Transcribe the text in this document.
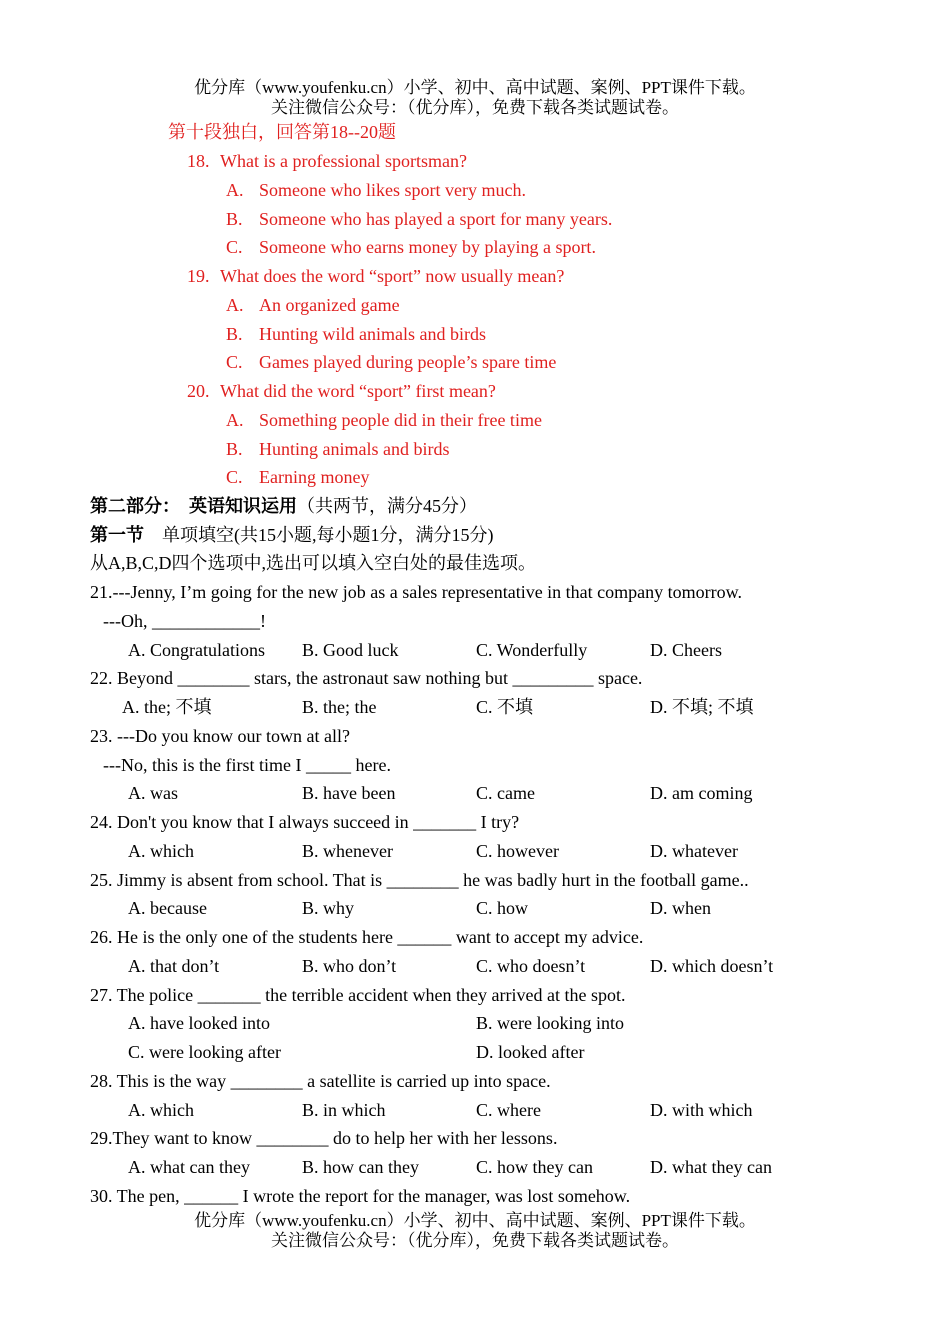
优分库（www.youfenku.cn）小学、初中、高中试题、案例、PPT课件下载。
关注微信公众号：（优分库），免费下载各类试题试卷。
第十段独白，回答第18--20题
18. What is a professional sportsman?
A. Someone who likes sport very much.
B. Someone who has played a sport for many years.
C. Someone who earns money by playing a sport.
19. What does the word “sport” now usually mean?
A. An organized game
B. Hunting wild animals and birds
C. Games played during people’s spare time
20. What did the word “sport” first mean?
A. Something people did in their free time
B. Hunting animals and birds
C. Earning money
第二部分：　英语知识运用（共两节，满分45分）
第一节　单项填空(共15小题,每小题1分，满分15分)
从A,B,C,D四个选项中,选出可以填入空白处的最佳选项。
21.---Jenny, I’m going for the new job as a sales representative in that company tomorrow.
---Oh, ____________!
A. Congratulations B. Good luck	C. Wonderfully	D. Cheers
22. Beyond ________ stars, the astronaut saw nothing but _________ space.
A. the; 不填	B. the; the	C. 不填	D. 不填; 不填
23. ---Do you know our town at all?
---No, this is the first time I _____ here.
A. was	B. have been	C. came	D. am coming
24. Don't you know that I always succeed in _______ I try?
A. which	B. whenever	C. however	D. whatever
25. Jimmy is absent from school. That is ________ he was badly hurt in the football game..
A. because	B. why	C. how	D. when
26. He is the only one of the students here ______ want to accept my advice.
A. that don’t	B. who don’t	C. who doesn’t	D. which doesn’t
27. The police _______ the terrible accident when they arrived at the spot.
A. have looked into	B. were looking into
C. were looking after	D. looked after
28. This is the way ________ a satellite is carried up into space.
A. which	B. in which	C. where	D. with which
29.They want to know ________ do to help her with her lessons.
A. what can they	B. how can they	C. how they can	D. what they can
30. The pen, ______ I wrote the report for the manager, was lost somehow.
优分库（www.youfenku.cn）小学、初中、高中试题、案例、PPT课件下载。
关注微信公众号：（优分库），免费下载各类试题试卷。
